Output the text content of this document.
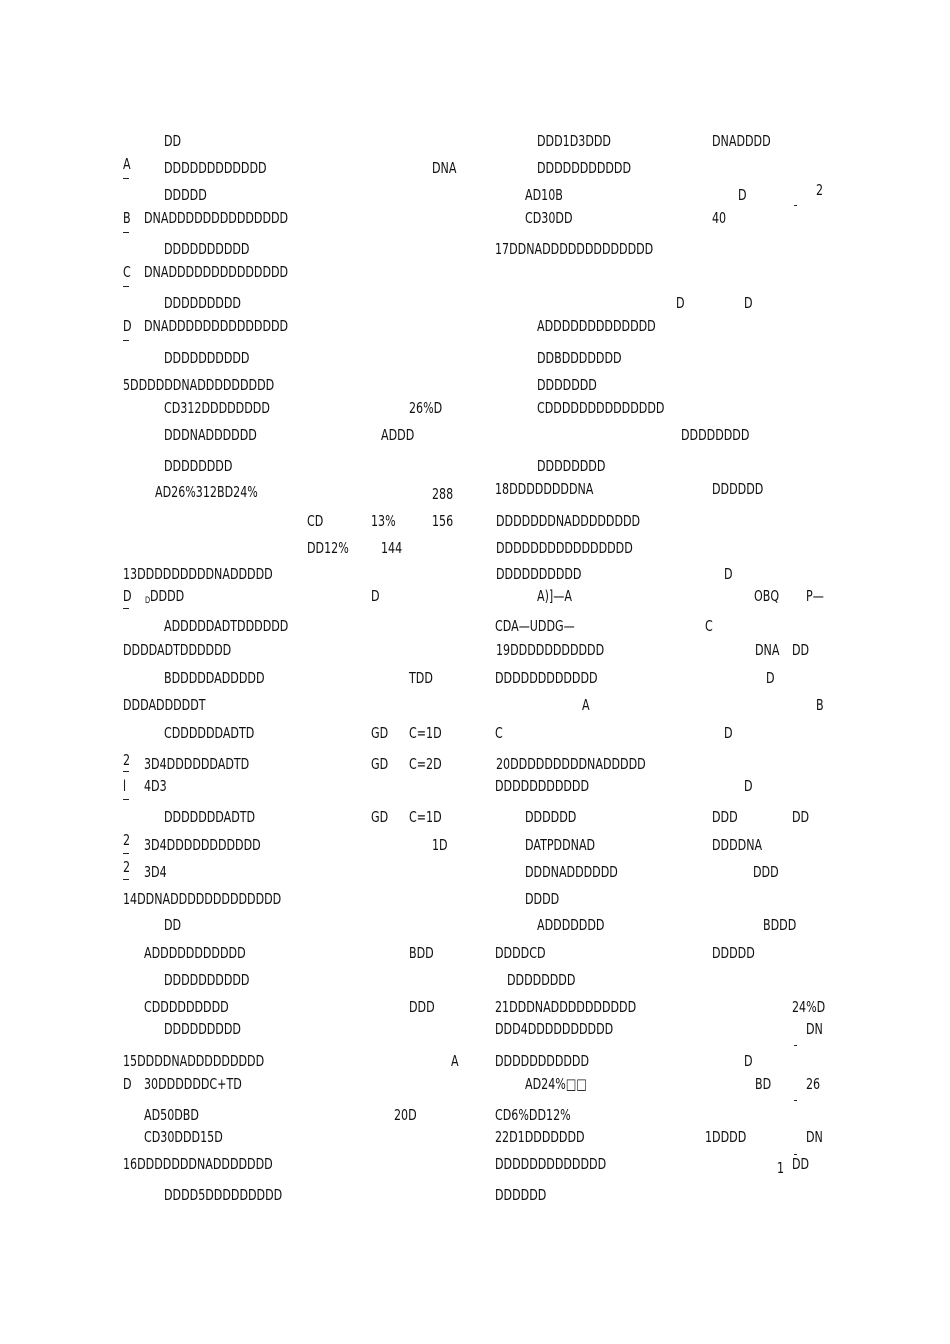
DD
A DDDDDDDDDDDD	DNA
DDDDD
B DNADDDDDDDDDDDDDD
DDDDDDDDDD
C DNADDDDDDDDDDDDDD
DDDDDDDDD
D DNADDDDDDDDDDDDDD
DDDDDDDDDD
5DDDDDDNADDDDDDDDD
CD312DDDDDDDD	26%D
DDDNADDDDDD	ADDD
DDDDDDDD
AD26%312BD24%	288
CD	13% 156
DD12% 144
13DDDDDDDDDNADDDDD
D D DDDD	D
ADDDDDADTDDDDDD
DDDDADTDDDDDD
BDDDDDADDDDD	TDD
DDDADDDDDT
CDDDDDDADTD	GD C=1D
2 3D4DDDDDDADTD	GD C=2D
l 4D3
DDDDDDDADTD	GD C=1D
2 3D4DDDDDDDDDDD	1D
2 3D4
14DDNADDDDDDDDDDDDD
DD
ADDDDDDDDDDD	BDD
DDDDDDDDDD
CDDDDDDDDD	DDD
DDDDDDDDD
15DDDDNADDDDDDDDD	A
D 30DDDDDDC+TD
AD50DBD	20D
CD30DDD15D
16DDDDDDDNADDDDDDD
DDDD5DDDDDDDDD
DDD1D3DDD	DNADDDD
DDDDDDDDDDD
AD10B	D	2
CD30DD	40
17DDNADDDDDDDDDDDDD
D	D
ADDDDDDDDDDDDD
DDBDDDDDDD
DDDDDDD
CDDDDDDDDDDDDDD
DDDDDDDD
DDDDDDDD
18DDDDDDDDNA	DDDDDD
DDDDDDDNADDDDDDDD
DDDDDDDDDDDDDDDD
DDDDDDDDDD	D
A)]—A	OBQ P—
CDA—UDDG—	C
19DDDDDDDDDDD	DNA DD
DDDDDDDDDDDD	D
A	B
C	D
20DDDDDDDDDNADDDDD
DDDDDDDDDDD	D
DDDDDD	DDD	DD
DATPDDNAD	DDDDNA
DDDNADDDDDD	DDD
DDDD
ADDDDDDD	BDDD
DDDDCD	DDDDD
DDDDDDDD
21DDDNADDDDDDDDDD	24%D
DDD4DDDDDDDDDD	DN
DDDDDDDDDDD	D
AD24%□□	BD 26
CD6%DD12%
22D1DDDDDDD	1DDDD	DN
DDDDDDDDDDDDD	1 DD
DDDDDD
